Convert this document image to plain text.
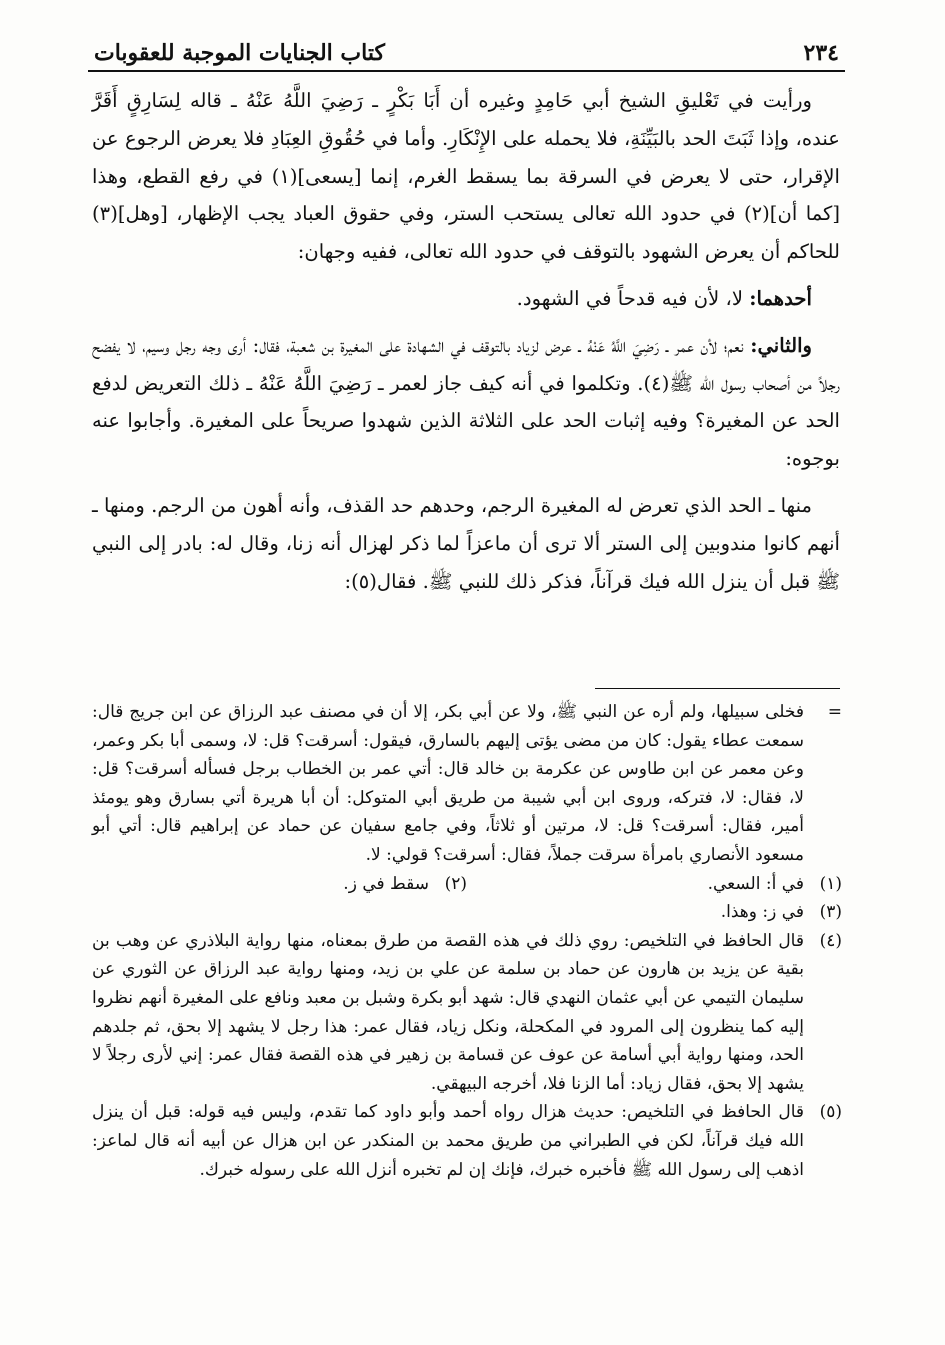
٢٣٤
كتاب الجنايات الموجبة للعقوبات

ورأيت في تَعْليقِ الشيخ أبي حَامِدٍ وغيره أن أَبَا بَكْرٍ ـ رَضِيَ اللَّهُ عَنْهُ ـ قاله لِسَارِقٍ أَقَرَّ عنده، وإذا ثَبَتَ الحد بالبَيِّنَةِ، فلا يحمله على الإِنْكَارِ. وأما في حُقُوقِ العِبَادِ فلا يعرض الرجوع عن الإقرار، حتى لا يعرض في السرقة بما يسقط الغرم، إنما [يسعى](١) في رفع القطع، وهذا [كما أن](٢) في حدود الله تعالى يستحب الستر، وفي حقوق العباد يجب الإظهار، [وهل](٣) للحاكم أن يعرض الشهود بالتوقف في حدود الله تعالى، ففيه وجهان:

أحدهما: لا، لأن فيه قدحاً في الشهود.

والثاني: نعم؛ لأن عمر ـ رَضِيَ اللَّهُ عَنْهُ ـ عرض لزياد بالتوقف في الشهادة على المغيرة بن شعبة، فقال: أرى وجه رجل وسيم، لا يفضح رجلاً من أصحاب رسول الله ﷺ(٤). وتكلموا في أنه كيف جاز لعمر ـ رَضِيَ اللَّهُ عَنْهُ ـ ذلك التعريض لدفع الحد عن المغيرة؟ وفيه إثبات الحد على الثلاثة الذين شهدوا صريحاً على المغيرة. وأجابوا عنه بوجوه:

منها ـ الحد الذي تعرض له المغيرة الرجم، وحدهم حد القذف، وأنه أهون من الرجم. ومنها ـ أنهم كانوا مندوبين إلى الستر ألا ترى أن ماعزاً لما ذكر لهزال أنه زنا، وقال له: بادر إلى النبي ﷺ قبل أن ينزل الله فيك قرآناً، فذكر ذلك للنبي ﷺ. فقال(٥):

=
فخلى سبيلها، ولم أره عن النبي ﷺ، ولا عن أبي بكر، إلا أن في مصنف عبد الرزاق عن ابن جريج قال: سمعت عطاء يقول: كان من مضى يؤتى إليهم بالسارق، فيقول: أسرقت؟ قل: لا، وسمى أبا بكر وعمر، وعن معمر عن ابن طاوس عن عكرمة بن خالد قال: أتي عمر بن الخطاب برجل فسأله أسرقت؟ قل: لا، فقال: لا، فتركه، وروى ابن أبي شيبة من طريق أبي المتوكل: أن أبا هريرة أتي بسارق وهو يومئذ أمير، فقال: أسرقت؟ قل: لا، مرتين أو ثلاثاً، وفي جامع سفيان عن حماد عن إبراهيم قال: أتي أبو مسعود الأنصاري بامرأة سرقت جملاً، فقال: أسرقت؟ قولي: لا.
(١)
في أ: السعي.
(٢)
سقط في ز.
(٣)
في ز: وهذا.
(٤)
قال الحافظ في التلخيص: روي ذلك في هذه القصة من طرق بمعناه، منها رواية البلاذري عن وهب بن بقية عن يزيد بن هارون عن حماد بن سلمة عن علي بن زيد، ومنها رواية عبد الرزاق عن الثوري عن سليمان التيمي عن أبي عثمان النهدي قال: شهد أبو بكرة وشبل بن معبد ونافع على المغيرة أنهم نظروا إليه كما ينظرون إلى المرود في المكحلة، ونكل زياد، فقال عمر: هذا رجل لا يشهد إلا بحق، ثم جلدهم الحد، ومنها رواية أبي أسامة عن عوف عن قسامة بن زهير في هذه القصة فقال عمر: إني لأرى رجلاً لا يشهد إلا بحق، فقال زياد: أما الزنا فلا، أخرجه البيهقي.
(٥)
قال الحافظ في التلخيص: حديث هزال رواه أحمد وأبو داود كما تقدم، وليس فيه قوله: قبل أن ينزل الله فيك قرآناً، لكن في الطبراني من طريق محمد بن المنكدر عن ابن هزال عن أبيه أنه قال لماعز: اذهب إلى رسول الله ﷺ فأخبره خبرك، فإنك إن لم تخبره أنزل الله على رسوله خبرك.
